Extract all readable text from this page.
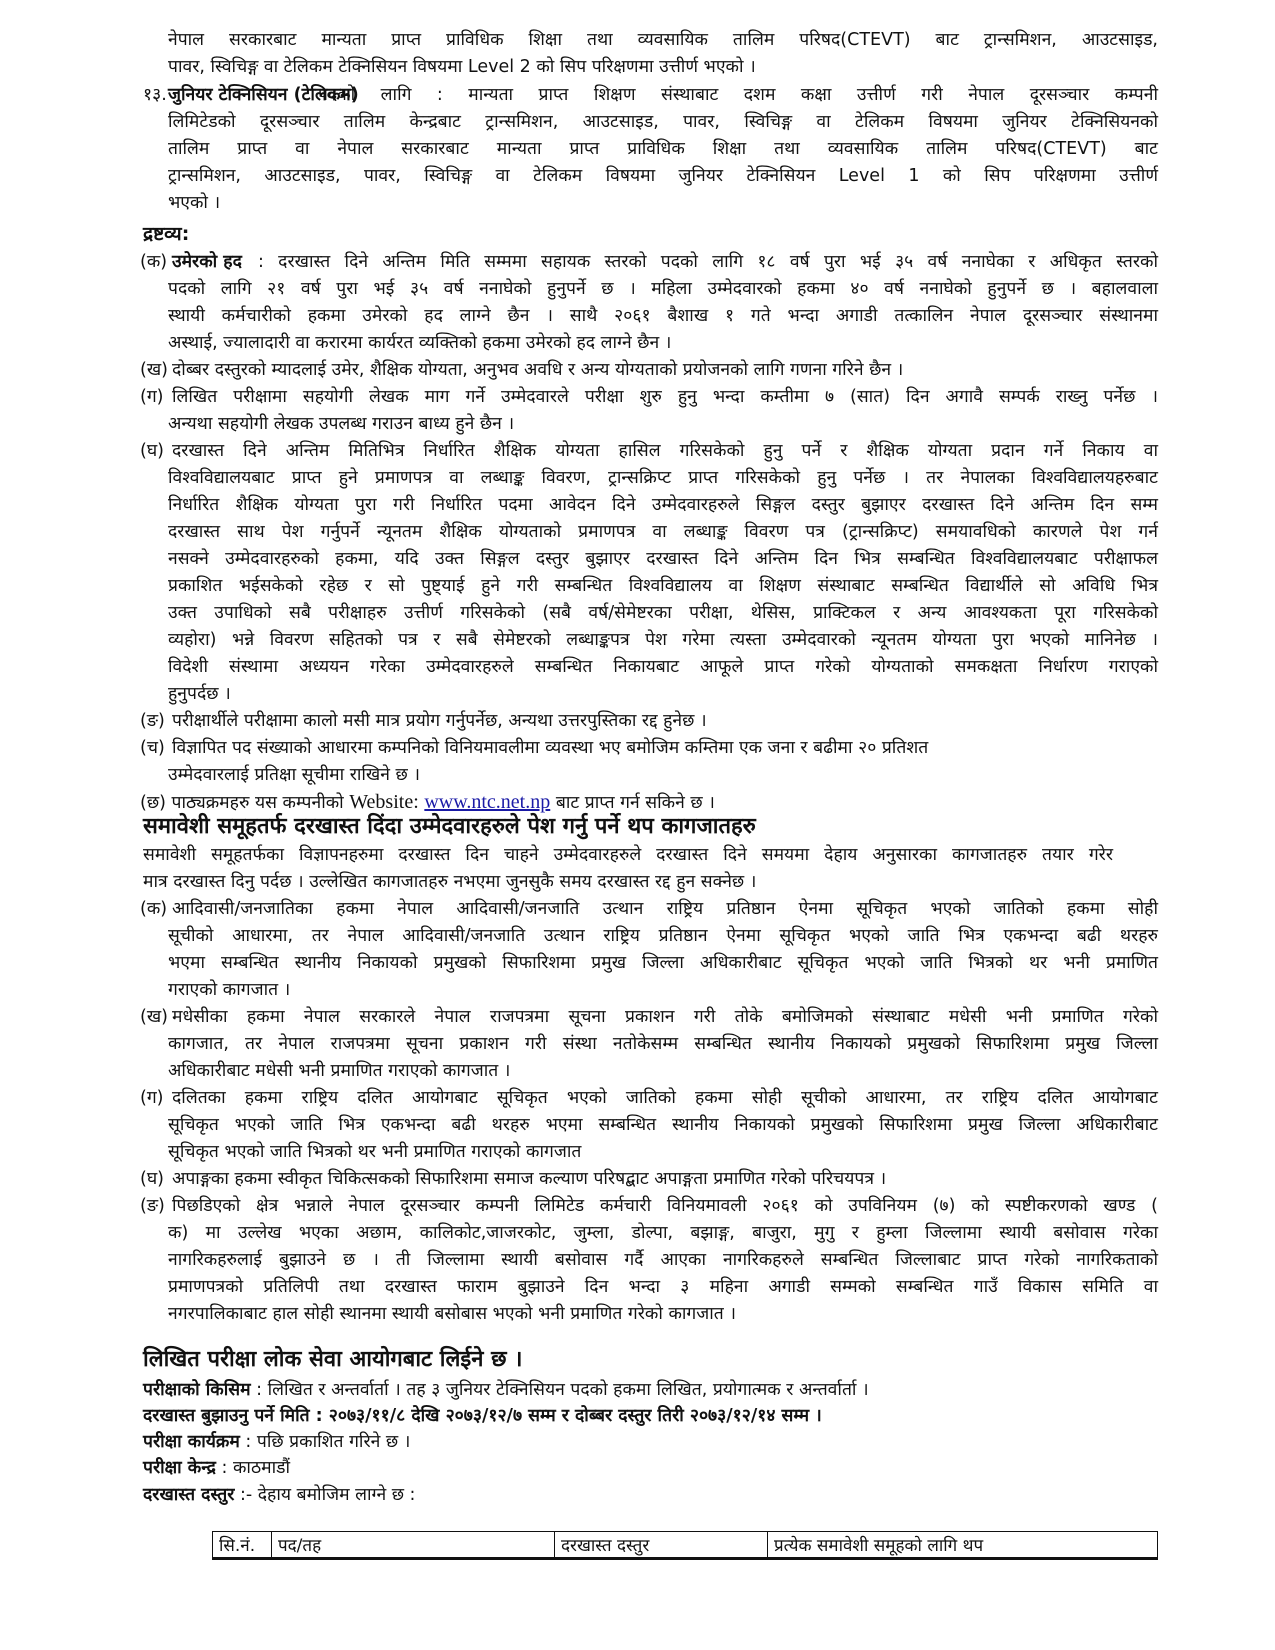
नेपाल सरकारबाट मान्यता प्राप्त प्राविधिक शिक्षा तथा व्यवसायिक तालिम परिषद(CTEVT) बाट ट्रान्समिशन, आउटसाइड,
पावर, स्विचिङ्ग वा टेलिकम टेक्निसियन विषयमा Level 2 को सिप परिक्षणमा उत्तीर्ण भएको ।
१३. जुनियर टेक्निसियन (टेलिकम)
पदको लागि : मान्यता प्राप्त शिक्षण संस्थाबाट दशम कक्षा उत्तीर्ण गरी नेपाल दूरसञ्चार कम्पनी
लिमिटेडको दूरसञ्चार तालिम केन्द्रबाट ट्रान्समिशन, आउटसाइड, पावर, स्विचिङ्ग वा टेलिकम विषयमा जुनियर टेक्निसियनको
तालिम प्राप्त वा नेपाल सरकारबाट मान्यता प्राप्त प्राविधिक शिक्षा तथा व्यवसायिक तालिम परिषद(CTEVT) बाट
ट्रान्समिशन, आउटसाइड, पावर, स्विचिङ्ग वा टेलिकम विषयमा जुनियर टेक्निसियन Level 1 को सिप परिक्षणमा उत्तीर्ण
भएको ।
द्रष्टव्य:
(क) उमेरको हद : दरखास्त दिने अन्तिम मिति सम्ममा सहायक स्तरको पदको लागि १८ वर्ष पुरा भई ३५ वर्ष ननाघेका र अधिकृत स्तरको
पदको लागि २१ वर्ष पुरा भई ३५ वर्ष ननाघेको हुनुपर्ने छ । महिला उम्मेदवारको हकमा ४० वर्ष ननाघेको हुनुपर्ने छ । बहालवाला
स्थायी कर्मचारीको हकमा उमेरको हद लाग्ने छैन । साथै २०६१ बैशाख १ गते भन्दा अगाडी तत्कालिन नेपाल दूरसञ्चार संस्थानमा
अस्थाई, ज्यालादारी वा करारमा कार्यरत व्यक्तिको हकमा उमेरको हद लाग्ने छैन ।
(ख) दोब्बर दस्तुरको म्यादलाई उमेर, शैक्षिक योग्यता, अनुभव अवधि र अन्य योग्यताको प्रयोजनको लागि गणना गरिने छैन ।
(ग) लिखित परीक्षामा सहयोगी लेखक माग गर्ने उम्मेदवारले परीक्षा शुरु हुनु भन्दा कम्तीमा ७ (सात) दिन अगावै सम्पर्क राख्नु पर्नेछ ।
अन्यथा सहयोगी लेखक उपलब्ध गराउन बाध्य हुने छैन ।
(घ) दरखास्त दिने अन्तिम मितिभित्र निर्धारित शैक्षिक योग्यता हासिल गरिसकेको हुनु पर्ने र शैक्षिक योग्यता प्रदान गर्ने निकाय वा
विश्वविद्यालयबाट प्राप्त हुने प्रमाणपत्र वा लब्धाङ्क विवरण, ट्रान्सक्रिप्ट प्राप्त गरिसकेको हुनु पर्नेछ । तर नेपालका विश्वविद्यालयहरुबाट
निर्धारित शैक्षिक योग्यता पुरा गरी निर्धारित पदमा आवेदन दिने उम्मेदवारहरुले सिङ्गल दस्तुर बुझाएर दरखास्त दिने अन्तिम दिन सम्म
दरखास्त साथ पेश गर्नुपर्ने न्यूनतम शैक्षिक योग्यताको प्रमाणपत्र वा लब्धाङ्क विवरण पत्र (ट्रान्सक्रिप्ट) समयावधिको कारणले पेश गर्न
नसक्ने उम्मेदवारहरुको हकमा, यदि उक्त सिङ्गल दस्तुर बुझाएर दरखास्त दिने अन्तिम दिन भित्र सम्बन्धित विश्वविद्यालयबाट परीक्षाफल
प्रकाशित भईसकेको रहेछ र सो पुष्ट्याई हुने गरी सम्बन्धित विश्वविद्यालय वा शिक्षण संस्थाबाट सम्बन्धित विद्यार्थीले सो अविधि भित्र
उक्त उपाधिको सबै परीक्षाहरु उत्तीर्ण गरिसकेको (सबै वर्ष/सेमेष्टरका परीक्षा, थेसिस, प्राक्टिकल र अन्य आवश्यकता पूरा गरिसकेको
व्यहोरा) भन्ने विवरण सहितको पत्र र सबै सेमेष्टरको लब्धाङ्कपत्र पेश गरेमा त्यस्ता उम्मेदवारको न्यूनतम योग्यता पुरा भएको मानिनेछ ।
विदेशी संस्थामा अध्ययन गरेका उम्मेदवारहरुले सम्बन्धित निकायबाट आफूले प्राप्त गरेको योग्यताको समकक्षता निर्धारण गराएको
हुनुपर्दछ ।
(ङ) परीक्षार्थीले परीक्षामा कालो मसी मात्र प्रयोग गर्नुपर्नेछ, अन्यथा उत्तरपुस्तिका रद्द हुनेछ ।
(च) विज्ञापित पद संख्याको आधारमा कम्पनिको विनियमावलीमा व्यवस्था भए बमोजिम कम्तिमा एक जना र बढीमा २० प्रतिशत
उम्मेदवारलाई प्रतिक्षा सूचीमा राखिने छ ।
(छ) पाठ्यक्रमहरु यस कम्पनीको Website: www.ntc.net.np बाट प्राप्त गर्न सकिने छ ।
समावेशी समूहतर्फ दरखास्त दिंदा उम्मेदवारहरुले पेश गर्नु पर्ने थप कागजातहरु
समावेशी समूहतर्फका विज्ञापनहरुमा दरखास्त दिन चाहने उम्मेदवारहरुले दरखास्त दिने समयमा देहाय अनुसारका कागजातहरु तयार गरेर
मात्र दरखास्त दिनु पर्दछ । उल्लेखित कागजातहरु नभएमा जुनसुकै समय दरखास्त रद्द हुन सक्नेछ ।
(क) आदिवासी/जनजातिका हकमा नेपाल आदिवासी/जनजाति उत्थान राष्ट्रिय प्रतिष्ठान ऐनमा सूचिकृत भएको जातिको हकमा सोही
सूचीको आधारमा, तर नेपाल आदिवासी/जनजाति उत्थान राष्ट्रिय प्रतिष्ठान ऐनमा सूचिकृत भएको जाति भित्र एकभन्दा बढी थरहरु
भएमा सम्बन्धित स्थानीय निकायको प्रमुखको सिफारिशमा प्रमुख जिल्ला अधिकारीबाट सूचिकृत भएको जाति भित्रको थर भनी प्रमाणित
गराएको कागजात ।
(ख) मधेसीका हकमा नेपाल सरकारले नेपाल राजपत्रमा सूचना प्रकाशन गरी तोके बमोजिमको संस्थाबाट मधेसी भनी प्रमाणित गरेको
कागजात, तर नेपाल राजपत्रमा सूचना प्रकाशन गरी संस्था नतोकेसम्म सम्बन्धित स्थानीय निकायको प्रमुखको सिफारिशमा प्रमुख जिल्ला
अधिकारीबाट मधेसी भनी प्रमाणित गराएको कागजात ।
(ग) दलितका हकमा राष्ट्रिय दलित आयोगबाट सूचिकृत भएको जातिको हकमा सोही सूचीको आधारमा, तर राष्ट्रिय दलित आयोगबाट
सूचिकृत भएको जाति भित्र एकभन्दा बढी थरहरु भएमा सम्बन्धित स्थानीय निकायको प्रमुखको सिफारिशमा प्रमुख जिल्ला अधिकारीबाट
सूचिकृत भएको जाति भित्रको थर भनी प्रमाणित गराएको कागजात
(घ) अपाङ्गका हकमा स्वीकृत चिकित्सकको सिफारिशमा समाज कल्याण परिषद्बाट अपाङ्गता प्रमाणित गरेको परिचयपत्र ।
(ङ) पिछडिएको क्षेत्र भन्नाले नेपाल दूरसञ्चार कम्पनी लिमिटेड कर्मचारी विनियमावली २०६१ को उपविनियम (७) को स्पष्टीकरणको खण्ड (
क) मा उल्लेख भएका अछाम, कालिकोट,जाजरकोट, जुम्ला, डोल्पा, बझाङ्ग, बाजुरा, मुगु र हुम्ला जिल्लामा स्थायी बसोवास गरेका
नागरिकहरुलाई बुझाउने छ । ती जिल्लामा स्थायी बसोवास गर्दै आएका नागरिकहरुले सम्बन्धित जिल्लाबाट प्राप्त गरेको नागरिकताको
प्रमाणपत्रको प्रतिलिपी तथा दरखास्त फाराम बुझाउने दिन भन्दा ३ महिना अगाडी सम्मको सम्बन्धित गाउँ विकास समिति वा
नगरपालिकाबाट हाल सोही स्थानमा स्थायी बसोबास भएको भनी प्रमाणित गरेको कागजात ।
लिखित परीक्षा लोक सेवा आयोगबाट लिईने छ ।
परीक्षाको किसिम : लिखित र अन्तर्वार्ता । तह ३ जुनियर टेक्निसियन पदको हकमा लिखित, प्रयोगात्मक र अन्तर्वार्ता ।
दरखास्त बुझाउनु पर्ने मिति : २०७३/११/८ देखि २०७३/१२/७ सम्म र दोब्बर दस्तुर तिरी २०७३/१२/१४ सम्म ।
परीक्षा कार्यक्रम : पछि प्रकाशित गरिने छ ।
परीक्षा केन्द्र : काठमाडौं
दरखास्त दस्तुर :- देहाय बमोजिम लाग्ने छ :
सि.नं.	पद/तह	दरखास्त दस्तुर	प्रत्येक समावेशी समूहको लागि थप
